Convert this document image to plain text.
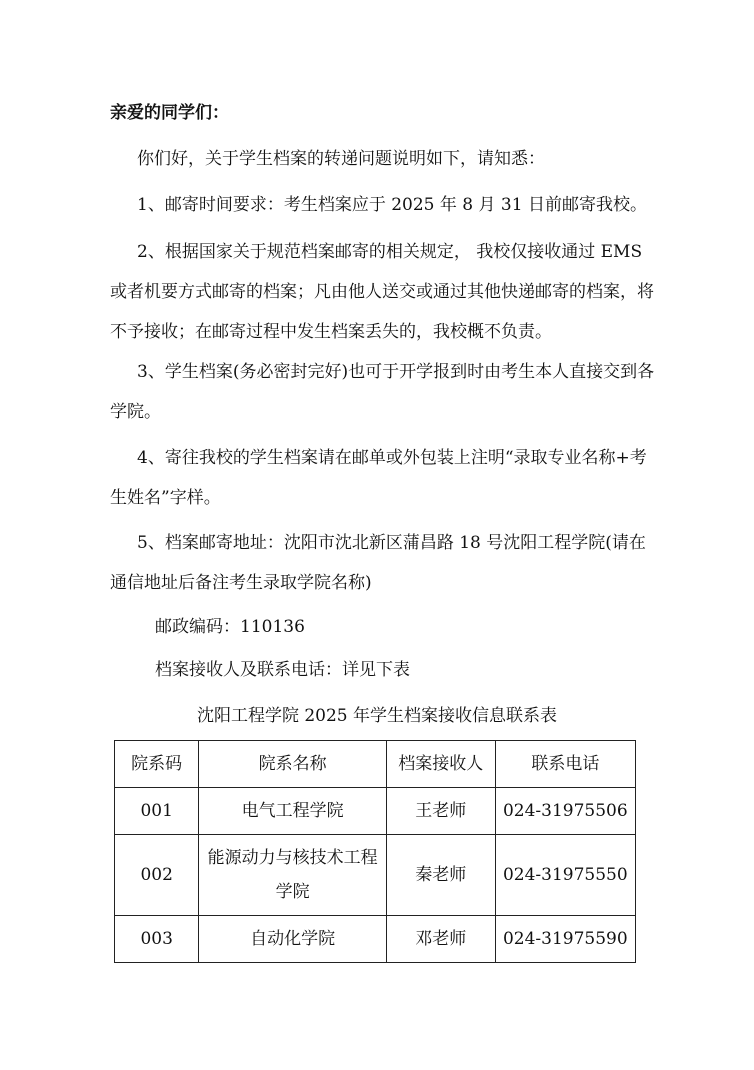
亲爱的同学们：
你们好，关于学生档案的转递问题说明如下，请知悉：
1、邮寄时间要求：考生档案应于 2025 年 8 月 31 日前邮寄我校。
2、根据国家关于规范档案邮寄的相关规定， 我校仅接收通过 EMS 或者机要方式邮寄的档案；凡由他人送交或通过其他快递邮寄的档案，将不予接收；在邮寄过程中发生档案丢失的，我校概不负责。
3、学生档案(务必密封完好)也可于开学报到时由考生本人直接交到各学院。
4、寄往我校的学生档案请在邮单或外包装上注明“录取专业名称+考生姓名”字样。
5、档案邮寄地址：沈阳市沈北新区蒲昌路 18 号沈阳工程学院(请在通信地址后备注考生录取学院名称)
邮政编码：110136
档案接收人及联系电话：详见下表
沈阳工程学院 2025 年学生档案接收信息联系表
院系码	院系名称	档案接收人	联系电话
001	电气工程学院	王老师	024-31975506
002	能源动力与核技术工程学院	秦老师	024-31975550
003	自动化学院	邓老师	024-31975590
